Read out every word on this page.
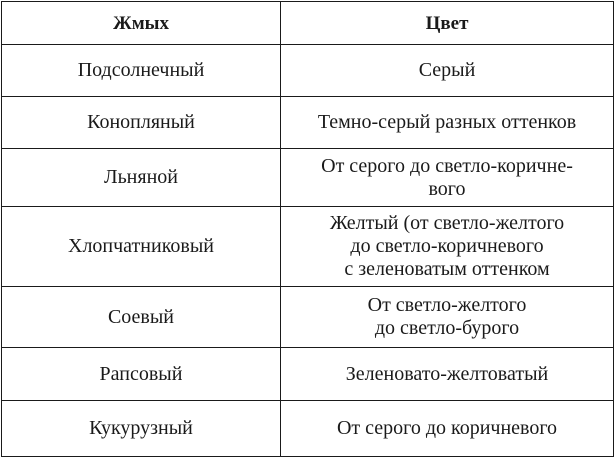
Жмых	Цвет
Подсолнечный	Серый

Конопляный	Темно-серый разных оттенков

Льняной	От серого до светло-коричне-
вого

Хлопчатниковый	Желтый (от светло-желтого
до светло-коричневого
с зеленоватым оттенком

Соевый	От светло-желтого
до светло-бурого

Рапсовый	Зеленовато-желтоватый

Кукурузный	От серого до коричневого
